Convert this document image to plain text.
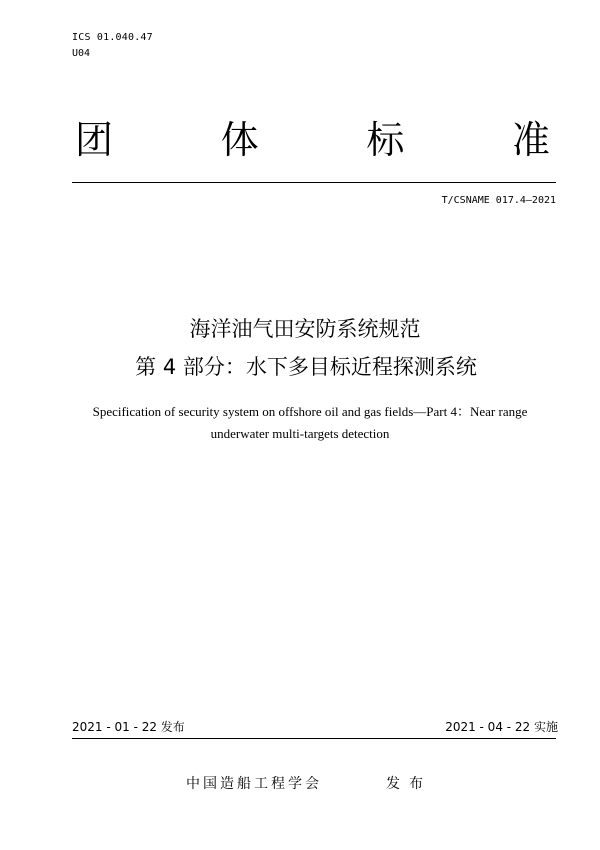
ICS 01.040.47
U04
团	体	标	准
T/CSNAME 017.4—2021
海洋油气田安防系统规范
第 4 部分：水下多目标近程探测系统
Specification of security system on offshore oil and gas fields—Part 4：Near range
underwater multi-targets detection
2021 - 01 - 22 发布	2021 - 04 - 22 实施
中国造船工程学会	发布
